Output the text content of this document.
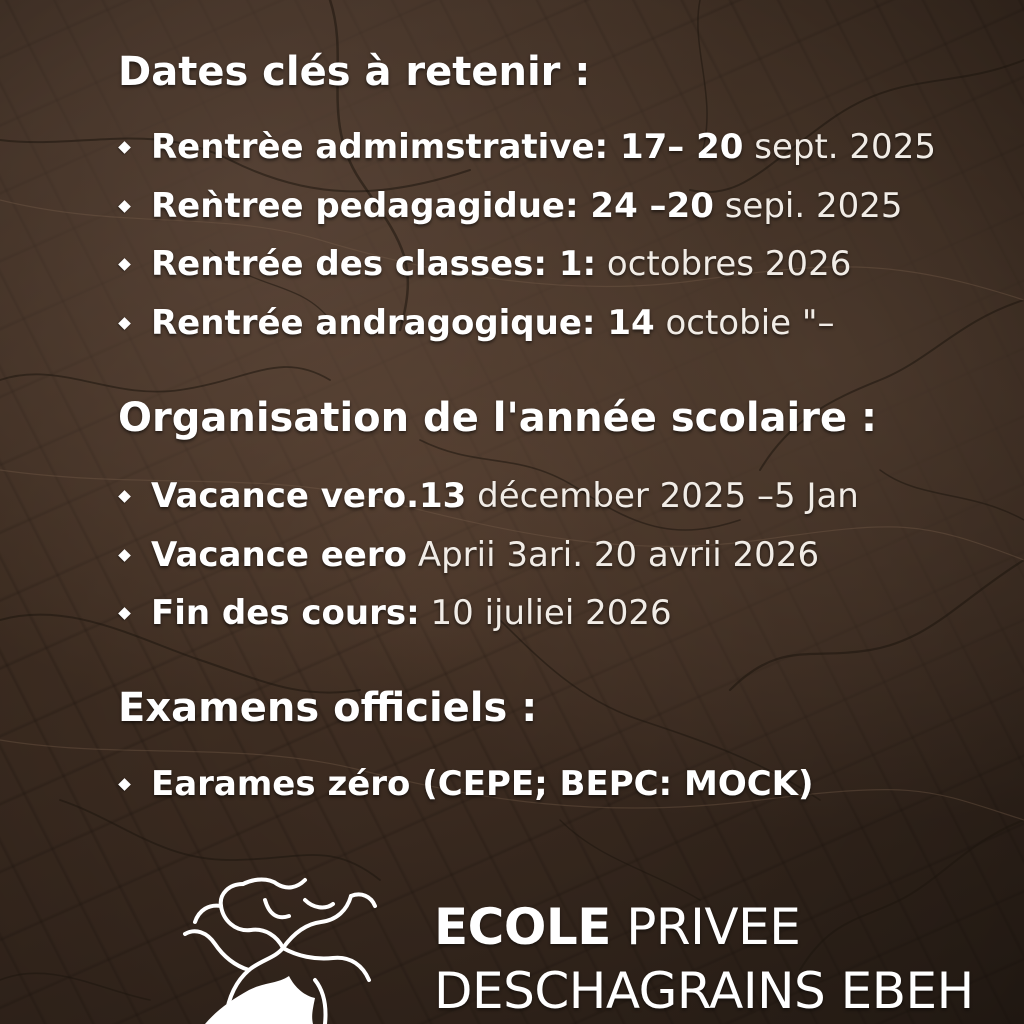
Dates clés à retenir :
Rentrèe admimstrative: 17– 20
sept. 2025
Reǹtree pedagagidue: 24 –20
sepi. 2025
Rentrée des classes: 1:
octobres 2026
Rentrée andragogique: 14
octobie "–
Organisation de l'année scolaire :
Vacance vero.13
décember 2025 –5 Jan
Vacance eero
Aprii 3ari. 20 avrii 2026
Fin des cours:
10 ijuliei 2026
Examens officiels :
Earames zéro (CEPE; BEPC: MOCK)
ECOLE PRIVEE
DESCHAGRAINS EBEH
